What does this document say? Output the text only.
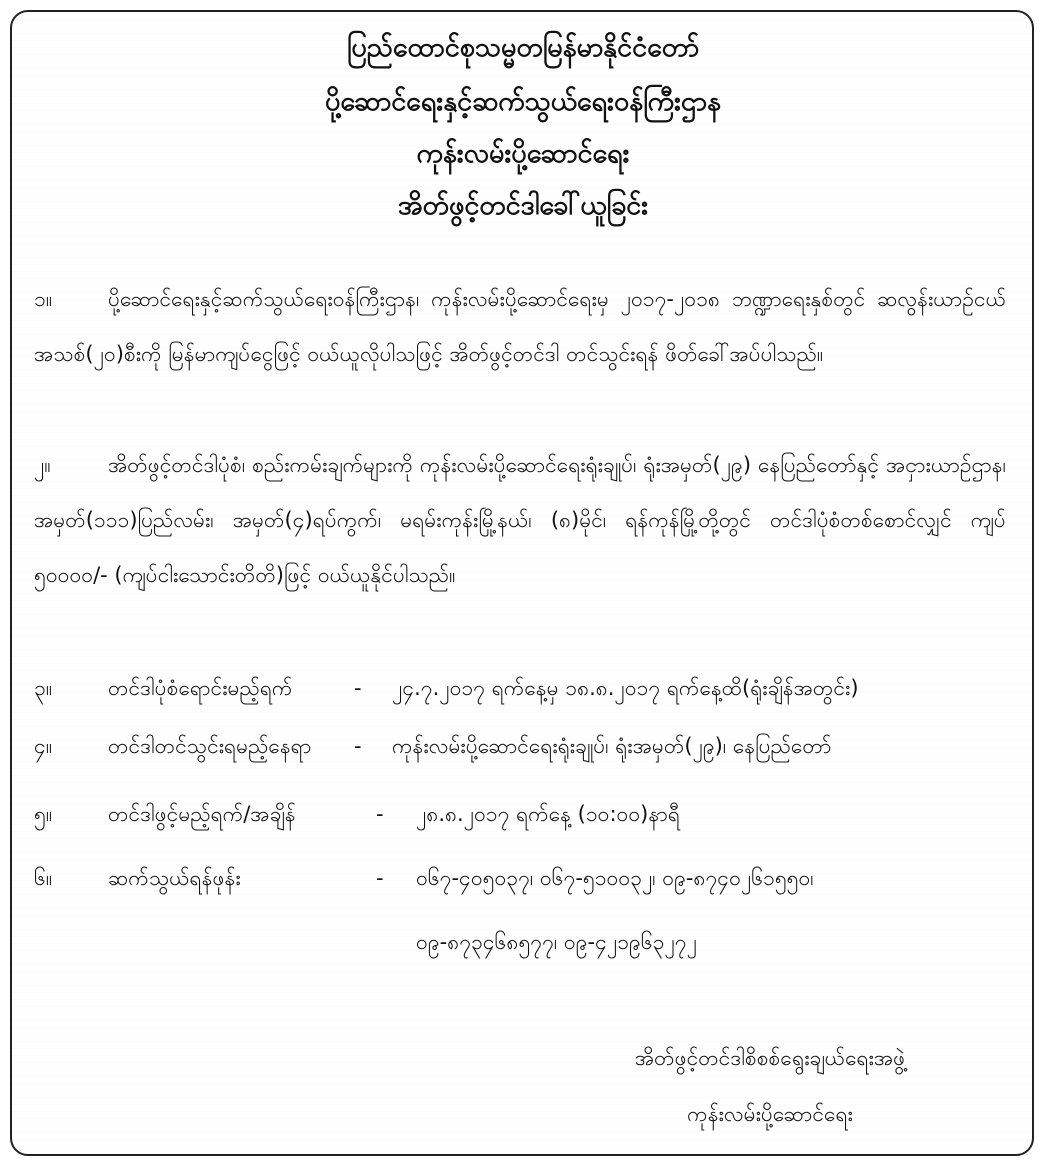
ပြည်ထောင်စုသမ္မတမြန်မာနိုင်ငံတော်
ပို့ဆောင်ရေးနှင့်ဆက်သွယ်ရေးဝန်ကြီးဌာန
ကုန်းလမ်းပို့ဆောင်ရေး
အိတ်ဖွင့်တင်ဒါခေါ်ယူခြင်း
၁။	ပို့ဆောင်ရေးနှင့်ဆက်သွယ်ရေးဝန်ကြီးဌာန၊ ကုန်းလမ်းပို့ဆောင်ရေးမှ ၂၀၁၇-၂၀၁၈ ဘဏ္ဍာရေးနှစ်တွင် ဆလွန်းယာဉ်ငယ်အသစ်(၂၀)စီးကို မြန်မာကျပ်ငွေဖြင့် ဝယ်ယူလိုပါသဖြင့် အိတ်ဖွင့်တင်ဒါ တင်သွင်းရန် ဖိတ်ခေါ်အပ်ပါသည်။
၂။	အိတ်ဖွင့်တင်ဒါပုံစံ၊ စည်းကမ်းချက်များကို ကုန်းလမ်းပို့ဆောင်ရေးရုံးချုပ်၊ ရုံးအမှတ်(၂၉) နေပြည်တော်နှင့် အငှားယာဉ်ဌာန၊ အမှတ်(၁၁၁)ပြည်လမ်း၊ အမှတ်(၄)ရပ်ကွက်၊ မရမ်းကုန်းမြို့နယ်၊ (၈)မိုင်၊ ရန်ကုန်မြို့တို့တွင် တင်ဒါပုံစံတစ်စောင်လျှင် ကျပ် ၅၀၀၀၀/- (ကျပ်ငါးသောင်းတိတိ)ဖြင့် ဝယ်ယူနိုင်ပါသည်။
၃။	တင်ဒါပုံစံရောင်းမည့်ရက်	- ၂၄.၇.၂၀၁၇ ရက်နေ့မှ ၁၈.၈.၂၀၁၇ ရက်နေ့ထိ(ရုံးချိန်အတွင်း)
၄။	တင်ဒါတင်သွင်းရမည့်နေရာ - ကုန်းလမ်းပို့ဆောင်ရေးရုံးချုပ်၊ ရုံးအမှတ်(၂၉)၊ နေပြည်တော်
၅။	တင်ဒါဖွင့်မည့်ရက်/အချိန်	- ၂၈.၈.၂၀၁၇ ရက်နေ့ (၁၀:၀၀)နာရီ
၆။	ဆက်သွယ်ရန်ဖုန်း	- ၀၆၇-၄၀၅၀၃၇၊ ၀၆၇-၅၁၀၀၃၂၊ ၀၉-၈၇၄၀၂၆၁၅၅၀၊
၀၉-၈၇၃၄၆၈၅၇၇၊ ၀၉-၄၂၁၉၆၃၂၇၂
အိတ်ဖွင့်တင်ဒါစိစစ်ရွေးချယ်ရေးအဖွဲ့
ကုန်းလမ်းပို့ဆောင်ရေး
